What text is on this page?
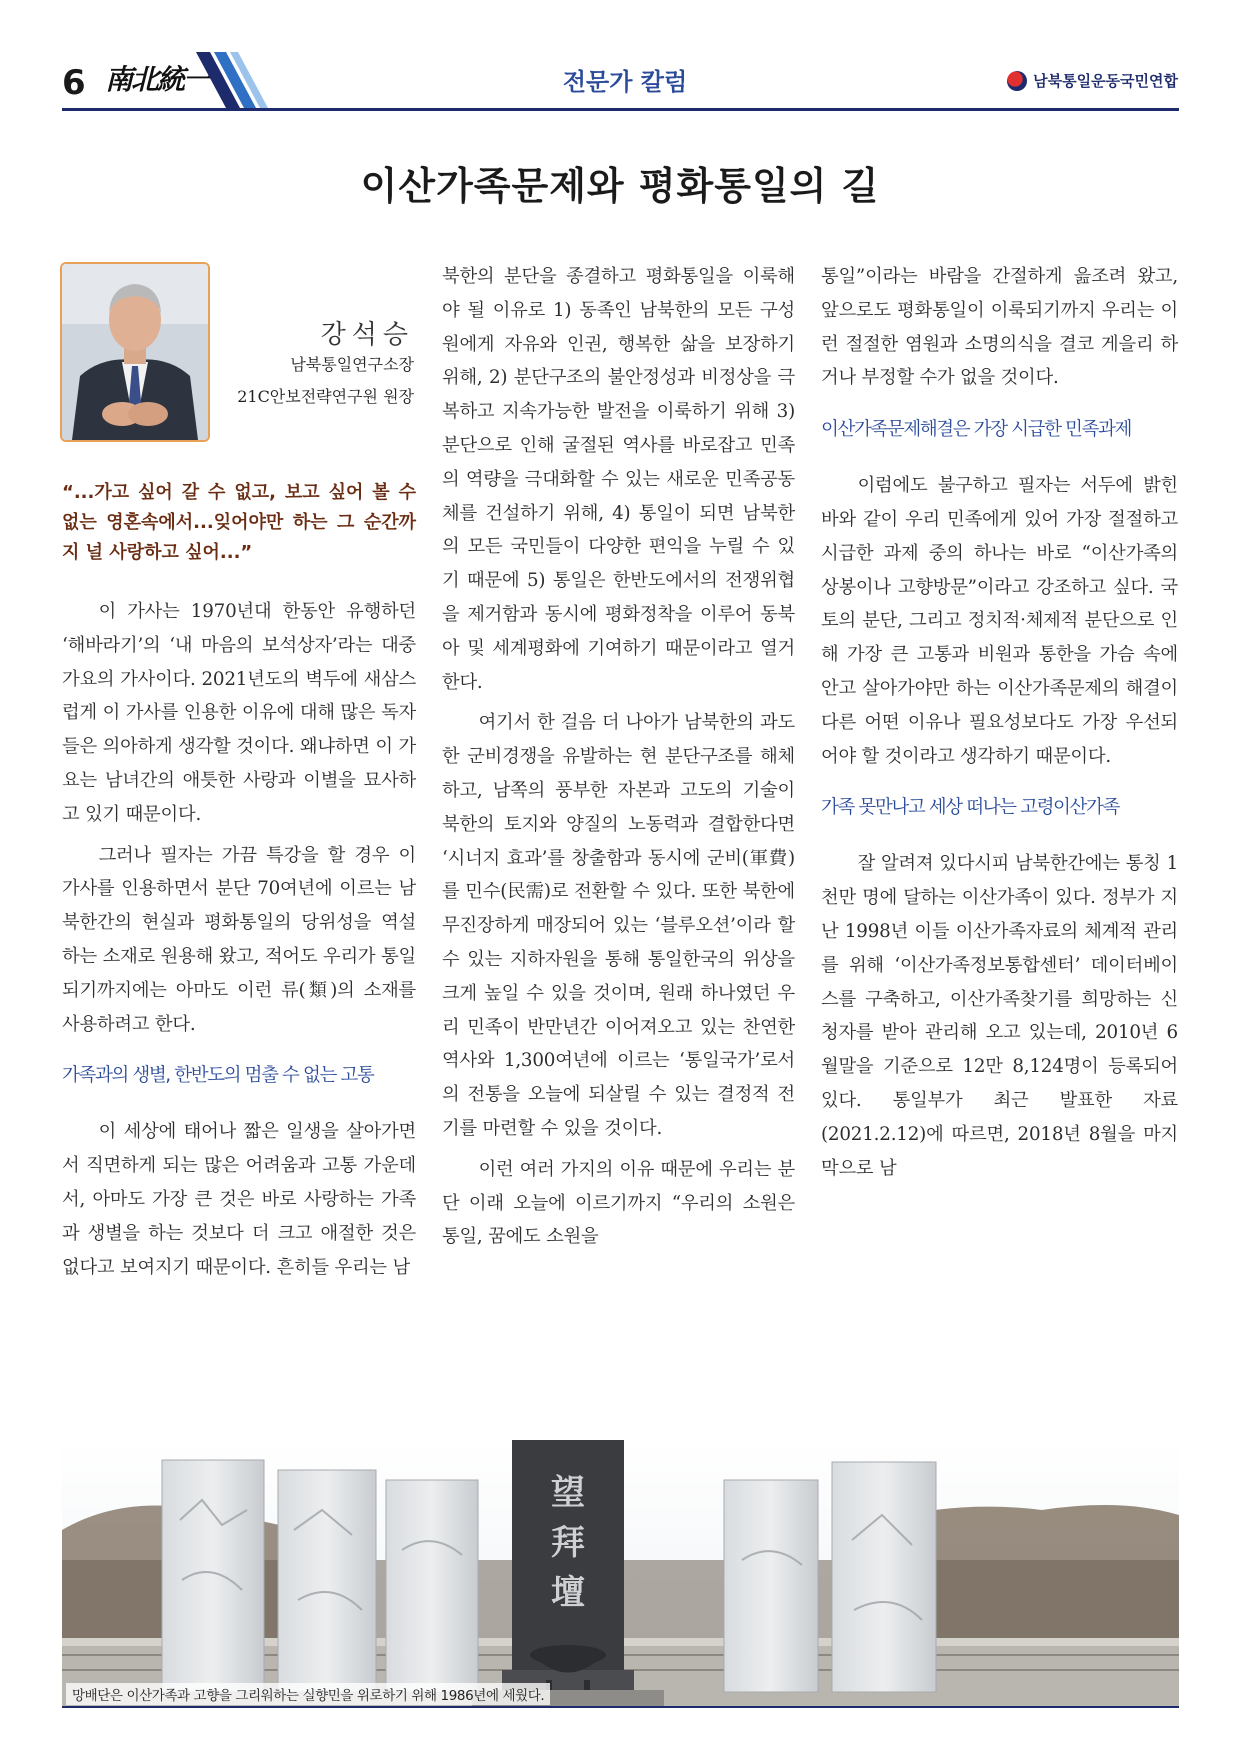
6 南北統一	전문가 칼럼	남북통일운동국민연합
이산가족문제와 평화통일의 길
강석승
남북통일연구소장
21C안보전략연구원 원장
“...가고 싶어 갈 수 없고, 보고 싶어 볼 수 없는 영혼속에서...잊어야만 하는 그 순간까지 널 사랑하고 싶어...”

이 가사는 1970년대 한동안 유행하던 ‘해바라기’의 ‘내 마음의 보석상자’라는 대중가요의 가사이다. 2021년도의 벽두에 새삼스럽게 이 가사를 인용한 이유에 대해 많은 독자들은 의아하게 생각할 것이다. 왜냐하면 이 가요는 남녀간의 애틋한 사랑과 이별을 묘사하고 있기 때문이다.

그러나 필자는 가끔 특강을 할 경우 이 가사를 인용하면서 분단 70여년에 이르는 남북한간의 현실과 평화통일의 당위성을 역설하는 소재로 원용해 왔고, 적어도 우리가 통일되기까지에는 아마도 이런 류(類)의 소재를 사용하려고 한다.

가족과의 생별, 한반도의 멈출 수 없는 고통

이 세상에 태어나 짧은 일생을 살아가면서 직면하게 되는 많은 어려움과 고통 가운데서, 아마도 가장 큰 것은 바로 사랑하는 가족과 생별을 하는 것보다 더 크고 애절한 것은 없다고 보여지기 때문이다. 흔히들 우리는 남

북한의 분단을 종결하고 평화통일을 이룩해야 될 이유로 1) 동족인 남북한의 모든 구성원에게 자유와 인권, 행복한 삶을 보장하기 위해, 2) 분단구조의 불안정성과 비정상을 극복하고 지속가능한 발전을 이룩하기 위해 3) 분단으로 인해 굴절된 역사를 바로잡고 민족의 역량을 극대화할 수 있는 새로운 민족공동체를 건설하기 위해, 4) 통일이 되면 남북한의 모든 국민들이 다양한 편익을 누릴 수 있기 때문에 5) 통일은 한반도에서의 전쟁위협을 제거함과 동시에 평화정착을 이루어 동북아 및 세계평화에 기여하기 때문이라고 열거한다.

여기서 한 걸음 더 나아가 남북한의 과도한 군비경쟁을 유발하는 현 분단구조를 해체하고, 남쪽의 풍부한 자본과 고도의 기술이 북한의 토지와 양질의 노동력과 결합한다면 ‘시너지 효과’를 창출함과 동시에 군비(軍費)를 민수(民需)로 전환할 수 있다. 또한 북한에 무진장하게 매장되어 있는 ‘블루오션’이라 할 수 있는 지하자원을 통해 통일한국의 위상을 크게 높일 수 있을 것이며, 원래 하나였던 우리 민족이 반만년간 이어져오고 있는 찬연한 역사와 1,300여년에 이르는 ‘통일국가’로서의 전통을 오늘에 되살릴 수 있는 결정적 전기를 마련할 수 있을 것이다.

이런 여러 가지의 이유 때문에 우리는 분단 이래 오늘에 이르기까지 “우리의 소원은 통일, 꿈에도 소원을

통일”이라는 바람을 간절하게 읊조려 왔고, 앞으로도 평화통일이 이룩되기까지 우리는 이런 절절한 염원과 소명의식을 결코 게을리 하거나 부정할 수가 없을 것이다.

이산가족문제해결은 가장 시급한 민족과제

이럼에도 불구하고 필자는 서두에 밝힌 바와 같이 우리 민족에게 있어 가장 절절하고 시급한 과제 중의 하나는 바로 “이산가족의 상봉이나 고향방문”이라고 강조하고 싶다. 국토의 분단, 그리고 정치적·체제적 분단으로 인해 가장 큰 고통과 비원과 통한을 가슴 속에 안고 살아가야만 하는 이산가족문제의 해결이 다른 어떤 이유나 필요성보다도 가장 우선되어야 할 것이라고 생각하기 때문이다.

가족 못만나고 세상 떠나는 고령이산가족

잘 알려져 있다시피 남북한간에는 통칭 1천만 명에 달하는 이산가족이 있다. 정부가 지난 1998년 이들 이산가족자료의 체계적 관리를 위해 ‘이산가족정보통합센터’ 데이터베이스를 구축하고, 이산가족찾기를 희망하는 신청자를 받아 관리해 오고 있는데, 2010년 6월말을 기준으로 12만 8,124명이 등록되어 있다. 통일부가 최근 발표한 자료(2021.2.12)에 따르면, 2018년 8월을 마지막으로 남

望 拜 壇
망배단은 이산가족과 고향을 그리워하는 실향민을 위로하기 위해 1986년에 세웠다.
